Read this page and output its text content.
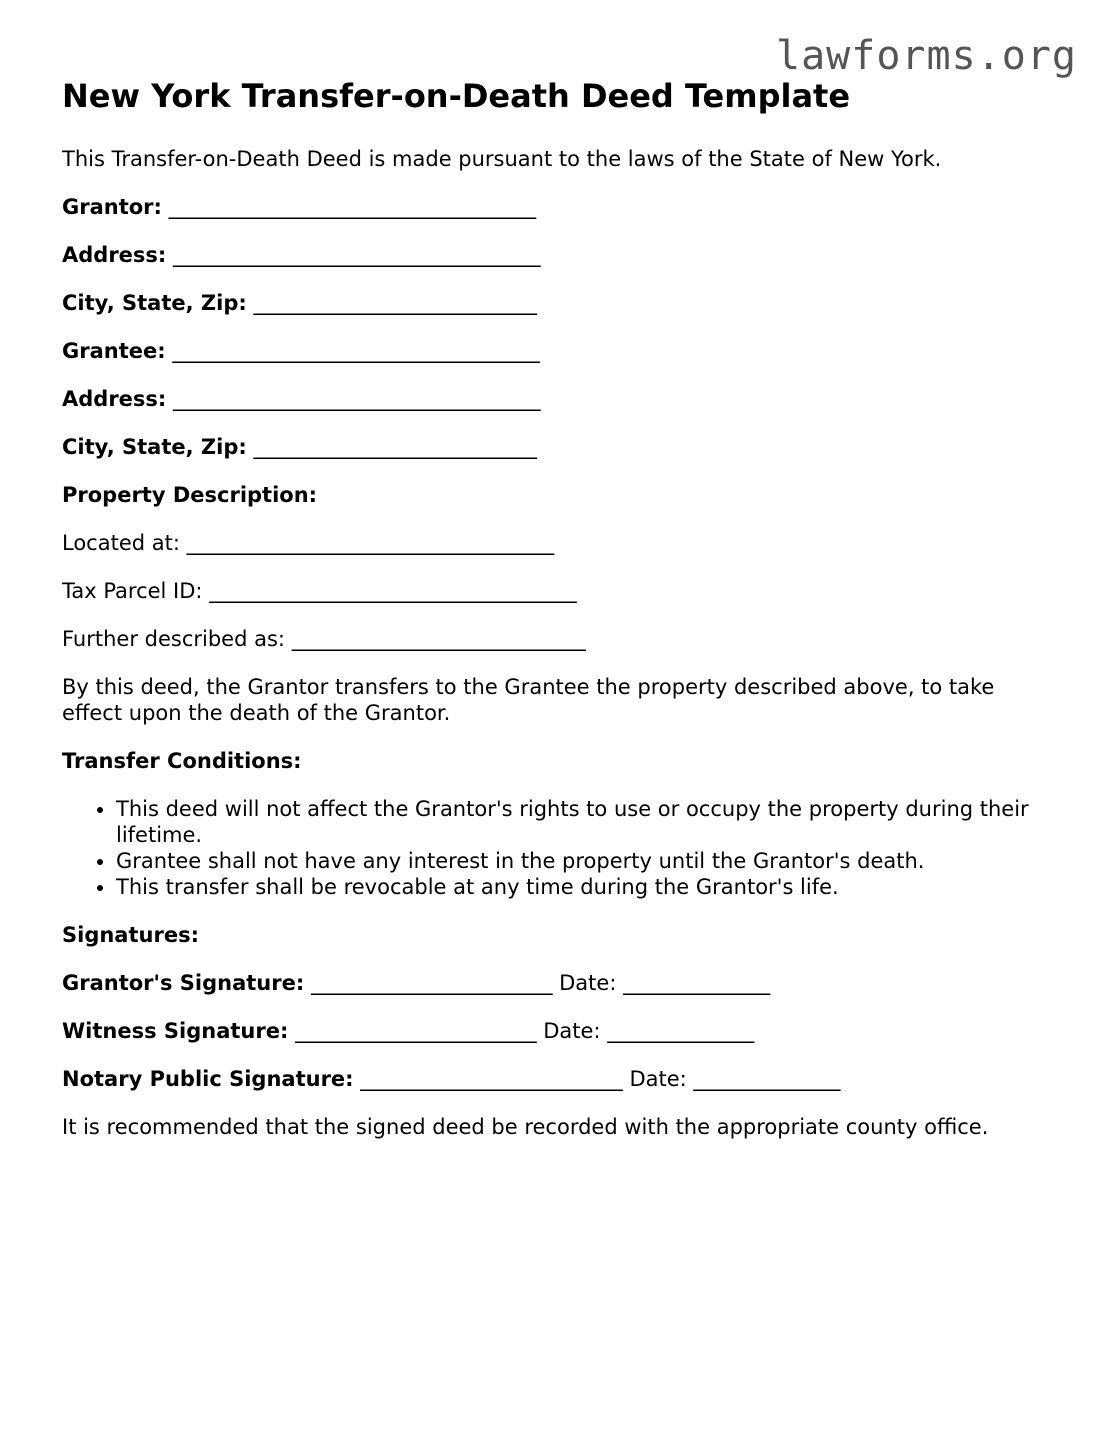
lawforms.org
New York Transfer-on-Death Deed Template

This Transfer-on-Death Deed is made pursuant to the laws of the State of New York.

Grantor: ___________________________________

Address: ___________________________________

City, State, Zip: ___________________________

Grantee: ___________________________________

Address: ___________________________________

City, State, Zip: ___________________________

Property Description:

Located at: ___________________________________

Tax Parcel ID: ___________________________________

Further described as: ____________________________

By this deed, the Grantor transfers to the Grantee the property described above, to take effect upon the death of the Grantor.

Transfer Conditions:

• This deed will not affect the Grantor's rights to use or occupy the property during their lifetime.
• Grantee shall not have any interest in the property until the Grantor's death.
• This transfer shall be revocable at any time during the Grantor's life.

Signatures:

Grantor's Signature: _______________________ Date: ______________

Witness Signature: _______________________ Date: ______________

Notary Public Signature: _________________________ Date: ______________

It is recommended that the signed deed be recorded with the appropriate county office.
